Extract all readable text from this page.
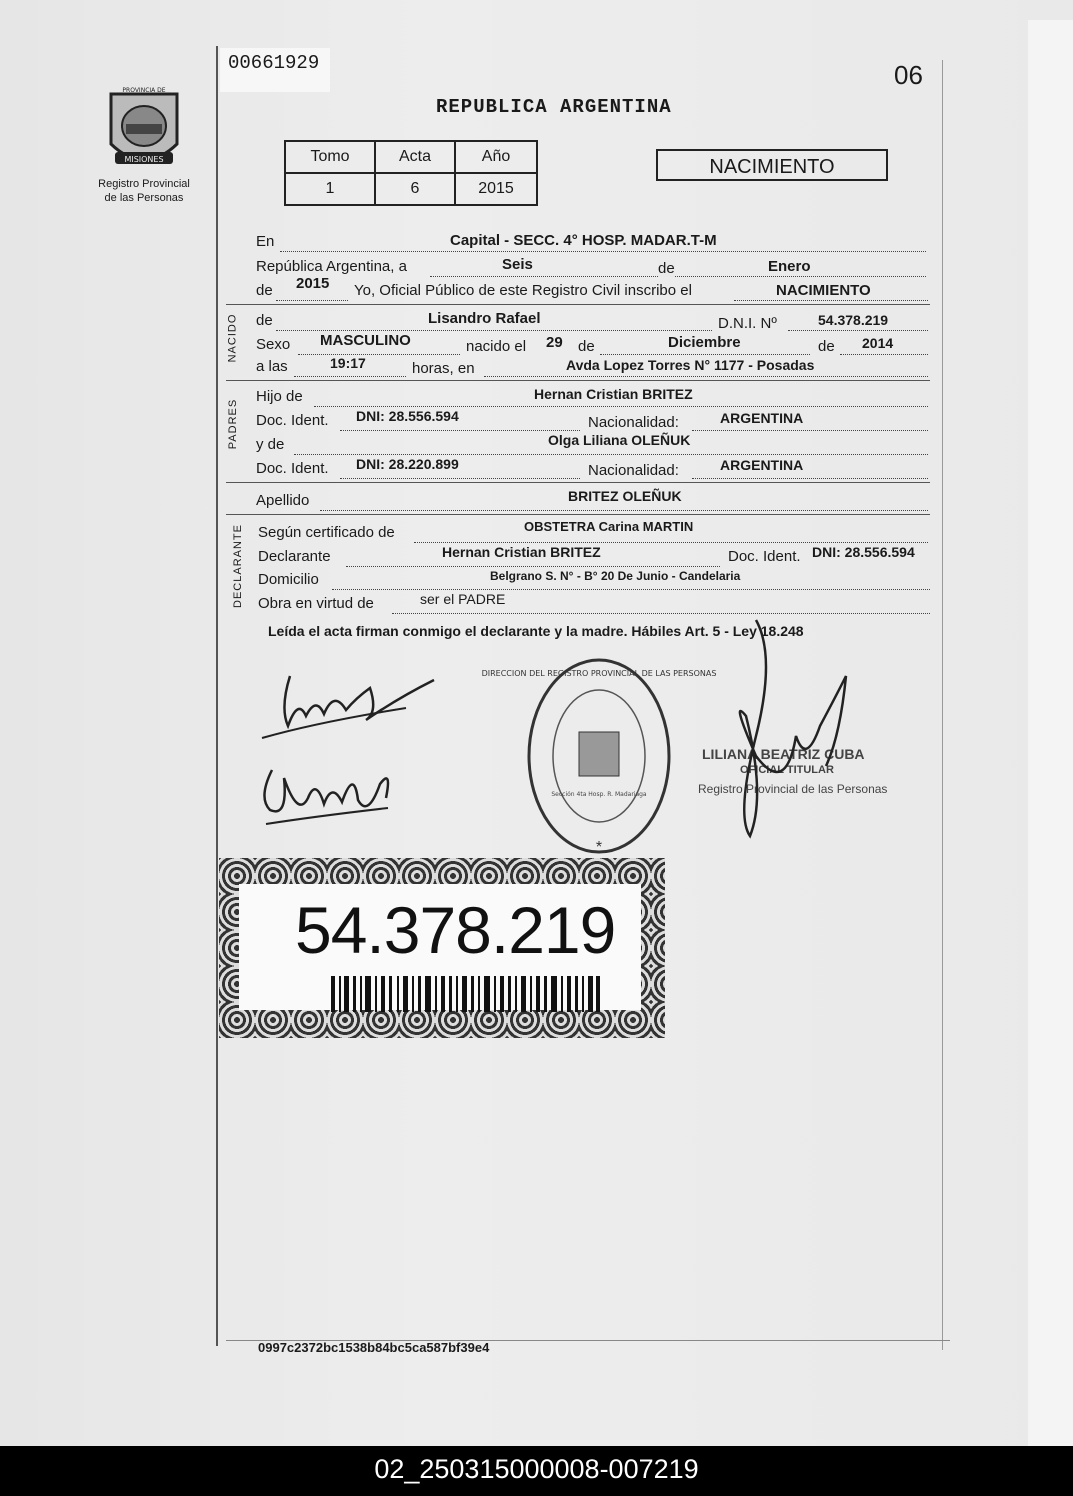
00661929	06
REPUBLICA ARGENTINA
MISIONES
PROVINCIA DE
Registro Provincial
de las Personas
Tomo	Acta	Año
1	6	2015
NACIMIENTO
En	Capital - SECC. 4° HOSP. MADAR.T-M
República Argentina, a	Seis	de	Enero
de 2015 Yo, Oficial Público de este Registro Civil inscribo el	NACIMIENTO
NACIDO de	Lisandro Rafael	D.N.I. Nº	54.378.219
Sexo MASCULINO	nacido el 29 de	Diciembre	de 2014
a las	19:17	horas, en	Avda Lopez Torres N° 1177 - Posadas
PADRES
Hijo de	Hernan Cristian BRITEZ
Doc. Ident. DNI: 28.556.594	Nacionalidad:	ARGENTINA
y de	Olga Liliana OLEÑUK
Doc. Ident. DNI: 28.220.899	Nacionalidad:	ARGENTINA
Apellido	BRITEZ OLEÑUK
DECLARANTE Según certificado de	OBSTETRA Carina MARTIN
Declarante	Hernan Cristian BRITEZ	Doc. Ident. DNI: 28.556.594
Domicilio	Belgrano S. N° - B° 20 De Junio - Candelaria
Obra en virtud de	ser el PADRE
Leída el acta firman conmigo el declarante y la madre. Hábiles Art. 5 - Ley 18.248
*
DIRECCION DEL REGISTRO PROVINCIAL DE LAS PERSONAS
Sección 4ta Hosp. R. Madariaga
LILIANA BEATRIZ CUBA
OFICIAL TITULAR
Registro Provincial de las Personas
54.378.219
0997c2372bc1538b84bc5ca587bf39e4
02_250315000008-007219
